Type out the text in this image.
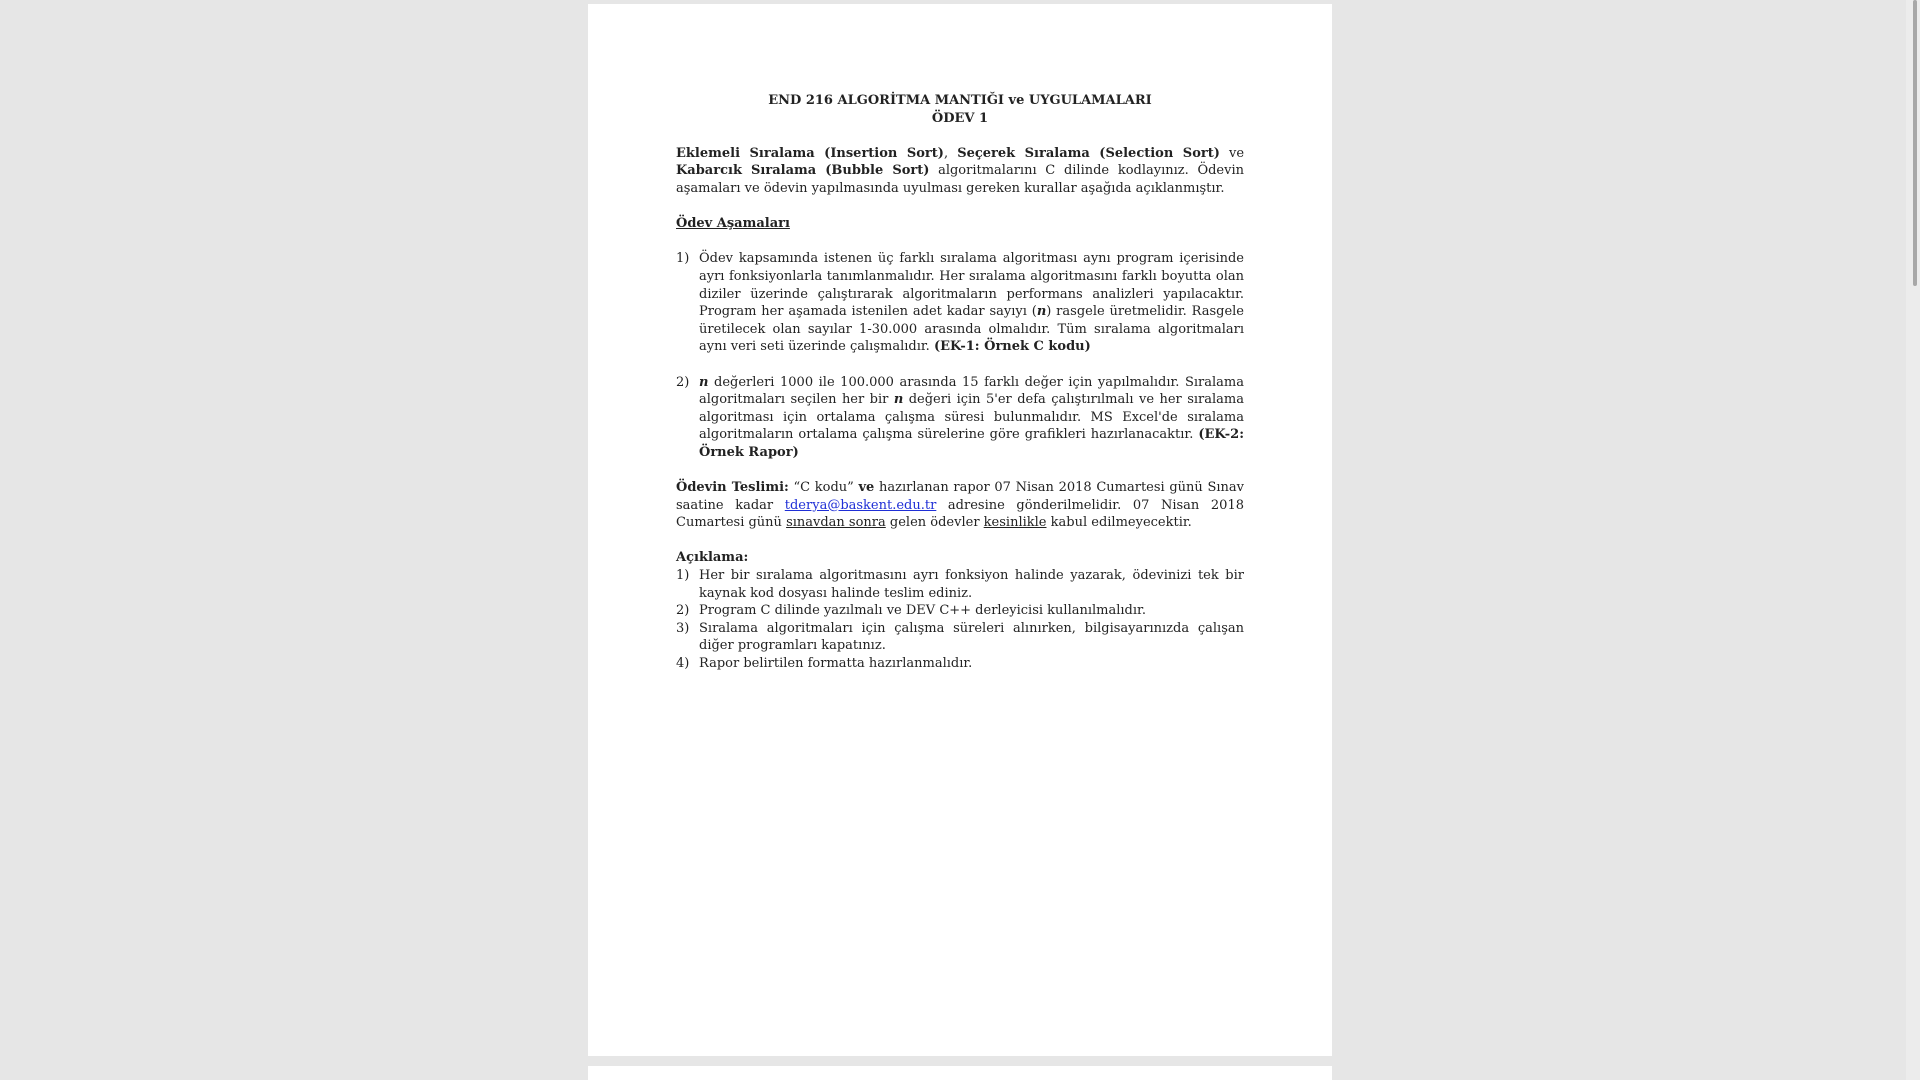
END 216 ALGORİTMA MANTIĞI ve UYGULAMALARI
ÖDEV 1
Eklemeli Sıralama (Insertion Sort), Seçerek Sıralama (Selection Sort) ve Kabarcık Sıralama (Bubble Sort) algoritmalarını C dilinde kodlayınız. Ödevin aşamaları ve ödevin yapılmasında uyulması gereken kurallar aşağıda açıklanmıştır.
Ödev Aşamaları
1) Ödev kapsamında istenen üç farklı sıralama algoritması aynı program içerisinde ayrı fonksiyonlarla tanımlanmalıdır. Her sıralama algoritmasını farklı boyutta olan diziler üzerinde çalıştırarak algoritmaların performans analizleri yapılacaktır. Program her aşamada istenilen adet kadar sayıyı (n) rasgele üretmelidir. Rasgele üretilecek olan sayılar 1-30.000 arasında olmalıdır. Tüm sıralama algoritmaları aynı veri seti üzerinde çalışmalıdır. (EK-1: Örnek C kodu)
2) n değerleri 1000 ile 100.000 arasında 15 farklı değer için yapılmalıdır. Sıralama algoritmaları seçilen her bir n değeri için 5'er defa çalıştırılmalı ve her sıralama algoritması için ortalama çalışma süresi bulunmalıdır. MS Excel'de sıralama algoritmaların ortalama çalışma sürelerine göre grafikleri hazırlanacaktır. (EK-2: Örnek Rapor)
Ödevin Teslimi: “C kodu” ve hazırlanan rapor 07 Nisan 2018 Cumartesi günü Sınav saatine kadar tderya@baskent.edu.tr adresine gönderilmelidir. 07 Nisan 2018 Cumartesi günü sınavdan sonra gelen ödevler kesinlikle kabul edilmeyecektir.
Açıklama:
1) Her bir sıralama algoritmasını ayrı fonksiyon halinde yazarak, ödevinizi tek bir kaynak kod dosyası halinde teslim ediniz.
2) Program C dilinde yazılmalı ve DEV C++ derleyicisi kullanılmalıdır.
3) Sıralama algoritmaları için çalışma süreleri alınırken, bilgisayarınızda çalışan diğer programları kapatınız.
4) Rapor belirtilen formatta hazırlanmalıdır.
